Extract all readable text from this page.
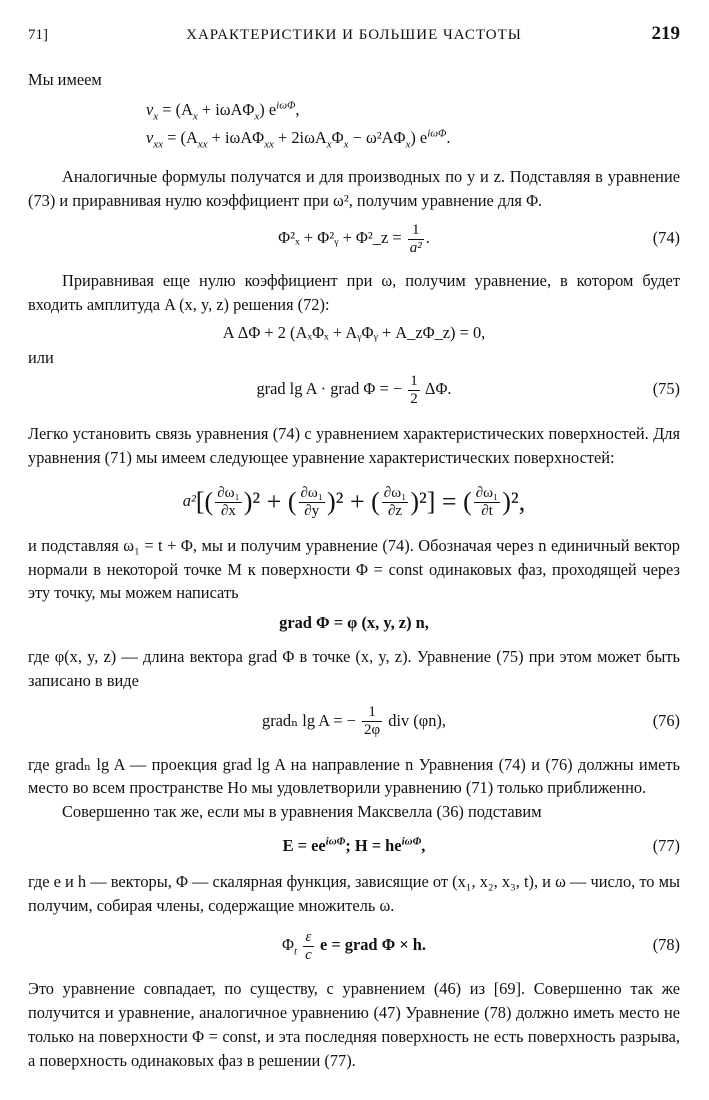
71]	ХАРАКТЕРИСТИКИ И БОЛЬШИЕ ЧАСТОТЫ	219

Мы имеем

$v_x = (A_x + i\omega A\Phi_x)$ $e^{i\omega\Phi}$,
$v_{xx} = (A_{xx} + i\omega A\Phi_{xx} + 2i\omega A_x\Phi_x - \omega^2A\Phi_x)$ $e^{i\omega\Phi}$.

Аналогичные формулы получатся и для производных по y и z. Подставляя в уравнение (73) и приравнивая нулю коэффициент при ω², получим уравнение для Φ.

Φ²ₓ + Φ²ᵧ + Φ²_z = $\frac{1}{\text{a²}}$ .	(74)

Приравнивая еще нулю коэффициент при ω, получим уравнение, в котором будет входить амплитуда A (x, y, z) решения (72):

A ΔΦ + 2 (AₓΦₓ + AᵧΦᵧ + A_zΦ_z) = 0,

или

grad lg A · grad Φ = − $\frac{1}{2} \Delta\Phi$.	(75)

Легко установить связь уравнения (74) с уравнением характеристических поверхностей. Для уравнения (71) мы имеем следующее уравнение характеристических поверхностей:

$a^2[( \frac{\text{∂ω₁}}{\partial x} )^2$ + ( $\frac{\text{∂ω₁}}{\partial y} )^2$ + ( $\frac{\text{∂ω₁}}{\partial z} )^2$] = ( $\frac{\text{∂ω₁}}{\partial t} )^2$,

и подставляя ω₁ = t + Φ, мы и получим уравнение (74). Обозначая через n единичный вектор нормали в некоторой точке M к поверхности Φ = const одинаковых фаз, проходящей через эту точку, мы можем написать

grad Φ = φ (x, y, z) n,

где φ(x, y, z) — длина вектора grad Φ в точке (x, y, z). Уравнение (75) при этом может быть записано в виде

gradₙ lg A = − $\frac{1}{2\varphi}$ div (φn),	(76)

где gradₙ lg A — проекция grad lg A на направление n Уравнения (74) и (76) должны иметь место во всем пространстве Но мы удовлетворили уравнению (71) только приближенно.

Совершенно так же, если мы в уравнения Максвелла (36) подставим

$E = ee^{i\omega\Phi}$; $H = he^{i\omega\Phi}$,	(77)

где e и h — векторы, Φ — скалярная функция, зависящие от (x₁, x₂, x₃, t), и ω — число, то мы получим, собирая члены, содержащие множитель ω.

$\Phi_t \frac{\varepsilon}{c}$ e = grad Φ × h.	(78)

Это уравнение совпадает, по существу, с уравнением (46) из [69]. Совершенно так же получится и уравнение, аналогичное уравнению (47) Уравнение (78) должно иметь место не только на поверхности Φ = const, и эта последняя поверхность не есть поверхность разрыва, а поверхность одинаковых фаз в решении (77).
